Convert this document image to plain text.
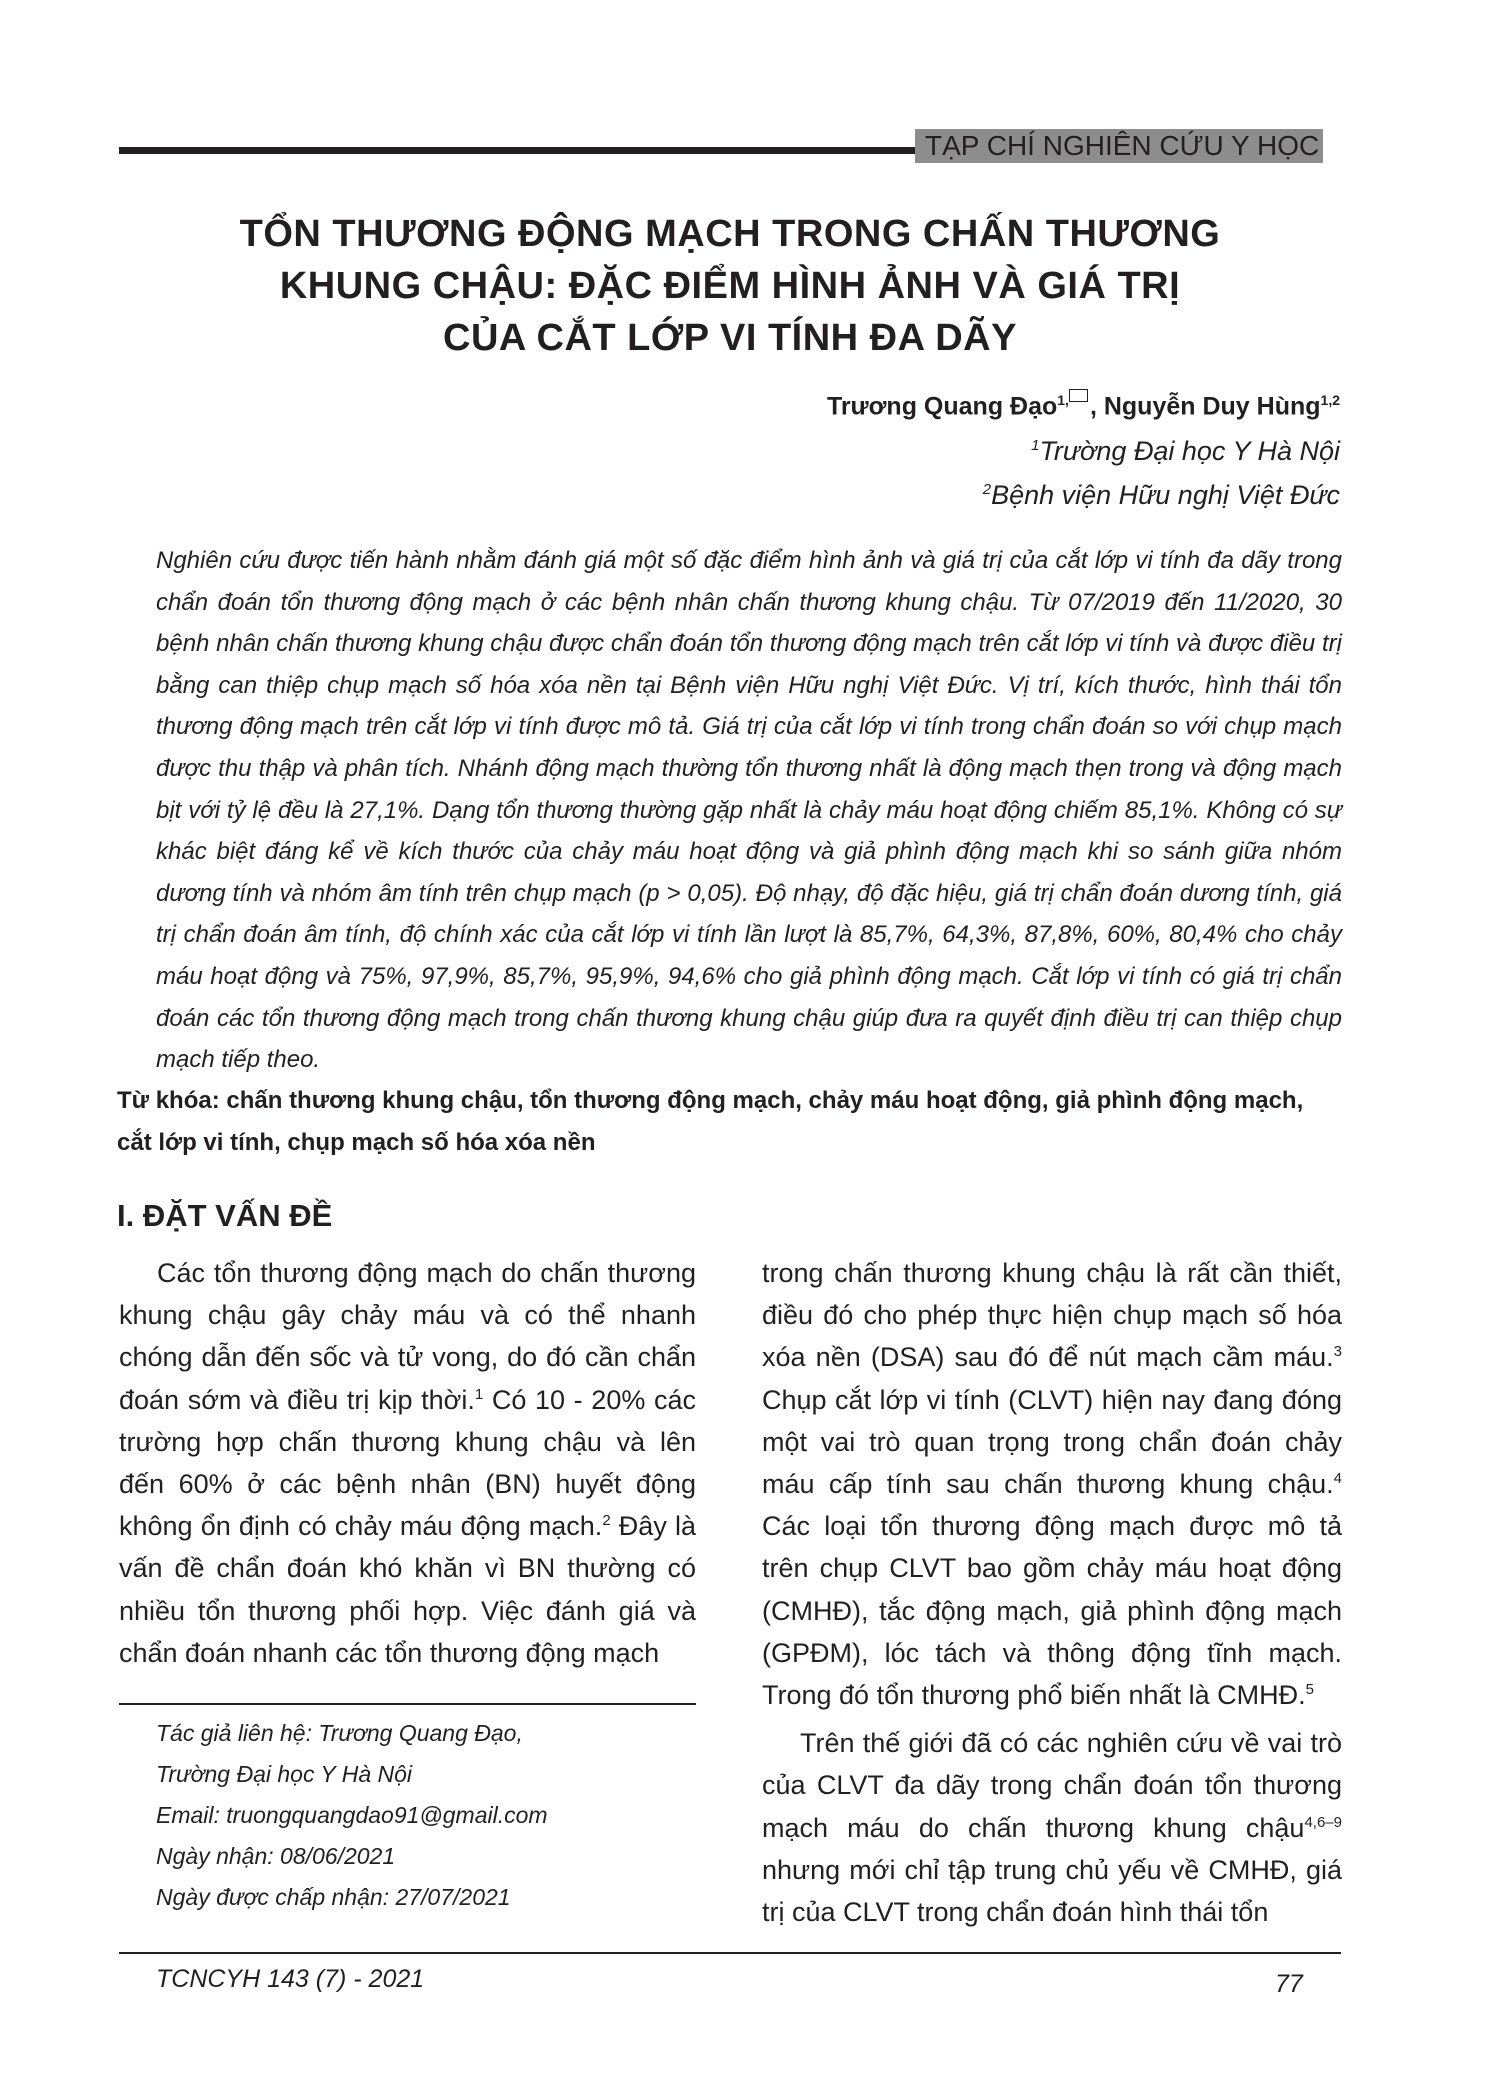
TẠP CHÍ NGHIÊN CỨU Y HỌC
TỔN THƯƠNG ĐỘNG MẠCH TRONG CHẤN THƯƠNG
KHUNG CHẬU: ĐẶC ĐIỂM HÌNH ẢNH VÀ GIÁ TRỊ
CỦA CẮT LỚP VI TÍNH ĐA DÃY
Trương Quang Đạo$^{1,}$ , Nguyễn Duy Hùng$^{1,2}$
$^1$Trường Đại học Y Hà Nội
$^2$Bệnh viện Hữu nghị Việt Đức
Nghiên cứu được tiến hành nhằm đánh giá một số đặc điểm hình ảnh và giá trị của cắt lớp vi tính đa dãy trong chẩn đoán tổn thương động mạch ở các bệnh nhân chấn thương khung chậu. Từ 07/2019 đến 11/2020, 30 bệnh nhân chấn thương khung chậu được chẩn đoán tổn thương động mạch trên cắt lớp vi tính và được điều trị bằng can thiệp chụp mạch số hóa xóa nền tại Bệnh viện Hữu nghị Việt Đức. Vị trí, kích thước, hình thái tổn thương động mạch trên cắt lớp vi tính được mô tả. Giá trị của cắt lớp vi tính trong chẩn đoán so với chụp mạch được thu thập và phân tích. Nhánh động mạch thường tổn thương nhất là động mạch thẹn trong và động mạch bịt với tỷ lệ đều là 27,1%. Dạng tổn thương thường gặp nhất là chảy máu hoạt động chiếm 85,1%. Không có sự khác biệt đáng kể về kích thước của chảy máu hoạt động và giả phình động mạch khi so sánh giữa nhóm dương tính và nhóm âm tính trên chụp mạch (p > 0,05). Độ nhạy, độ đặc hiệu, giá trị chẩn đoán dương tính, giá trị chẩn đoán âm tính, độ chính xác của cắt lớp vi tính lần lượt là 85,7%, 64,3%, 87,8%, 60%, 80,4% cho chảy máu hoạt động và 75%, 97,9%, 85,7%, 95,9%, 94,6% cho giả phình động mạch. Cắt lớp vi tính có giá trị chẩn đoán các tổn thương động mạch trong chấn thương khung chậu giúp đưa ra quyết định điều trị can thiệp chụp mạch tiếp theo.
Từ khóa: chấn thương khung chậu, tổn thương động mạch, chảy máu hoạt động, giả phình động mạch, cắt lớp vi tính, chụp mạch số hóa xóa nền
I. ĐẶT VẤN ĐỀ

Các tổn thương động mạch do chấn thương khung chậu gây chảy máu và có thể nhanh chóng dẫn đến sốc và tử vong, do đó cần chẩn đoán sớm và điều trị kịp thời.$^1$ Có 10 - 20% các trường hợp chấn thương khung chậu và lên đến 60% ở các bệnh nhân (BN) huyết động không ổn định có chảy máu động mạch.$^2$ Đây là vấn đề chẩn đoán khó khăn vì BN thường có nhiều tổn thương phối hợp. Việc đánh giá và chẩn đoán nhanh các tổn thương động mạch

trong chấn thương khung chậu là rất cần thiết, điều đó cho phép thực hiện chụp mạch số hóa xóa nền (DSA) sau đó để nút mạch cầm máu.$^3$ Chụp cắt lớp vi tính (CLVT) hiện nay đang đóng một vai trò quan trọng trong chẩn đoán chảy máu cấp tính sau chấn thương khung chậu.$^4$ Các loại tổn thương động mạch được mô tả trên chụp CLVT bao gồm chảy máu hoạt động (CMHĐ), tắc động mạch, giả phình động mạch (GPĐM), lóc tách và thông động tĩnh mạch. Trong đó tổn thương phổ biến nhất là CMHĐ.$^5$

Trên thế giới đã có các nghiên cứu về vai trò của CLVT đa dãy trong chẩn đoán tổn thương mạch máu do chấn thương khung chậu$^{4,6-9}$ nhưng mới chỉ tập trung chủ yếu về CMHĐ, giá trị của CLVT trong chẩn đoán hình thái tổn

Tác giả liên hệ: Trương Quang Đạo,
Trường Đại học Y Hà Nội
Email: truongquangdao91@gmail.com
Ngày nhận: 08/06/2021
Ngày được chấp nhận: 27/07/2021
TCNCYH 143 (7) - 2021	77
